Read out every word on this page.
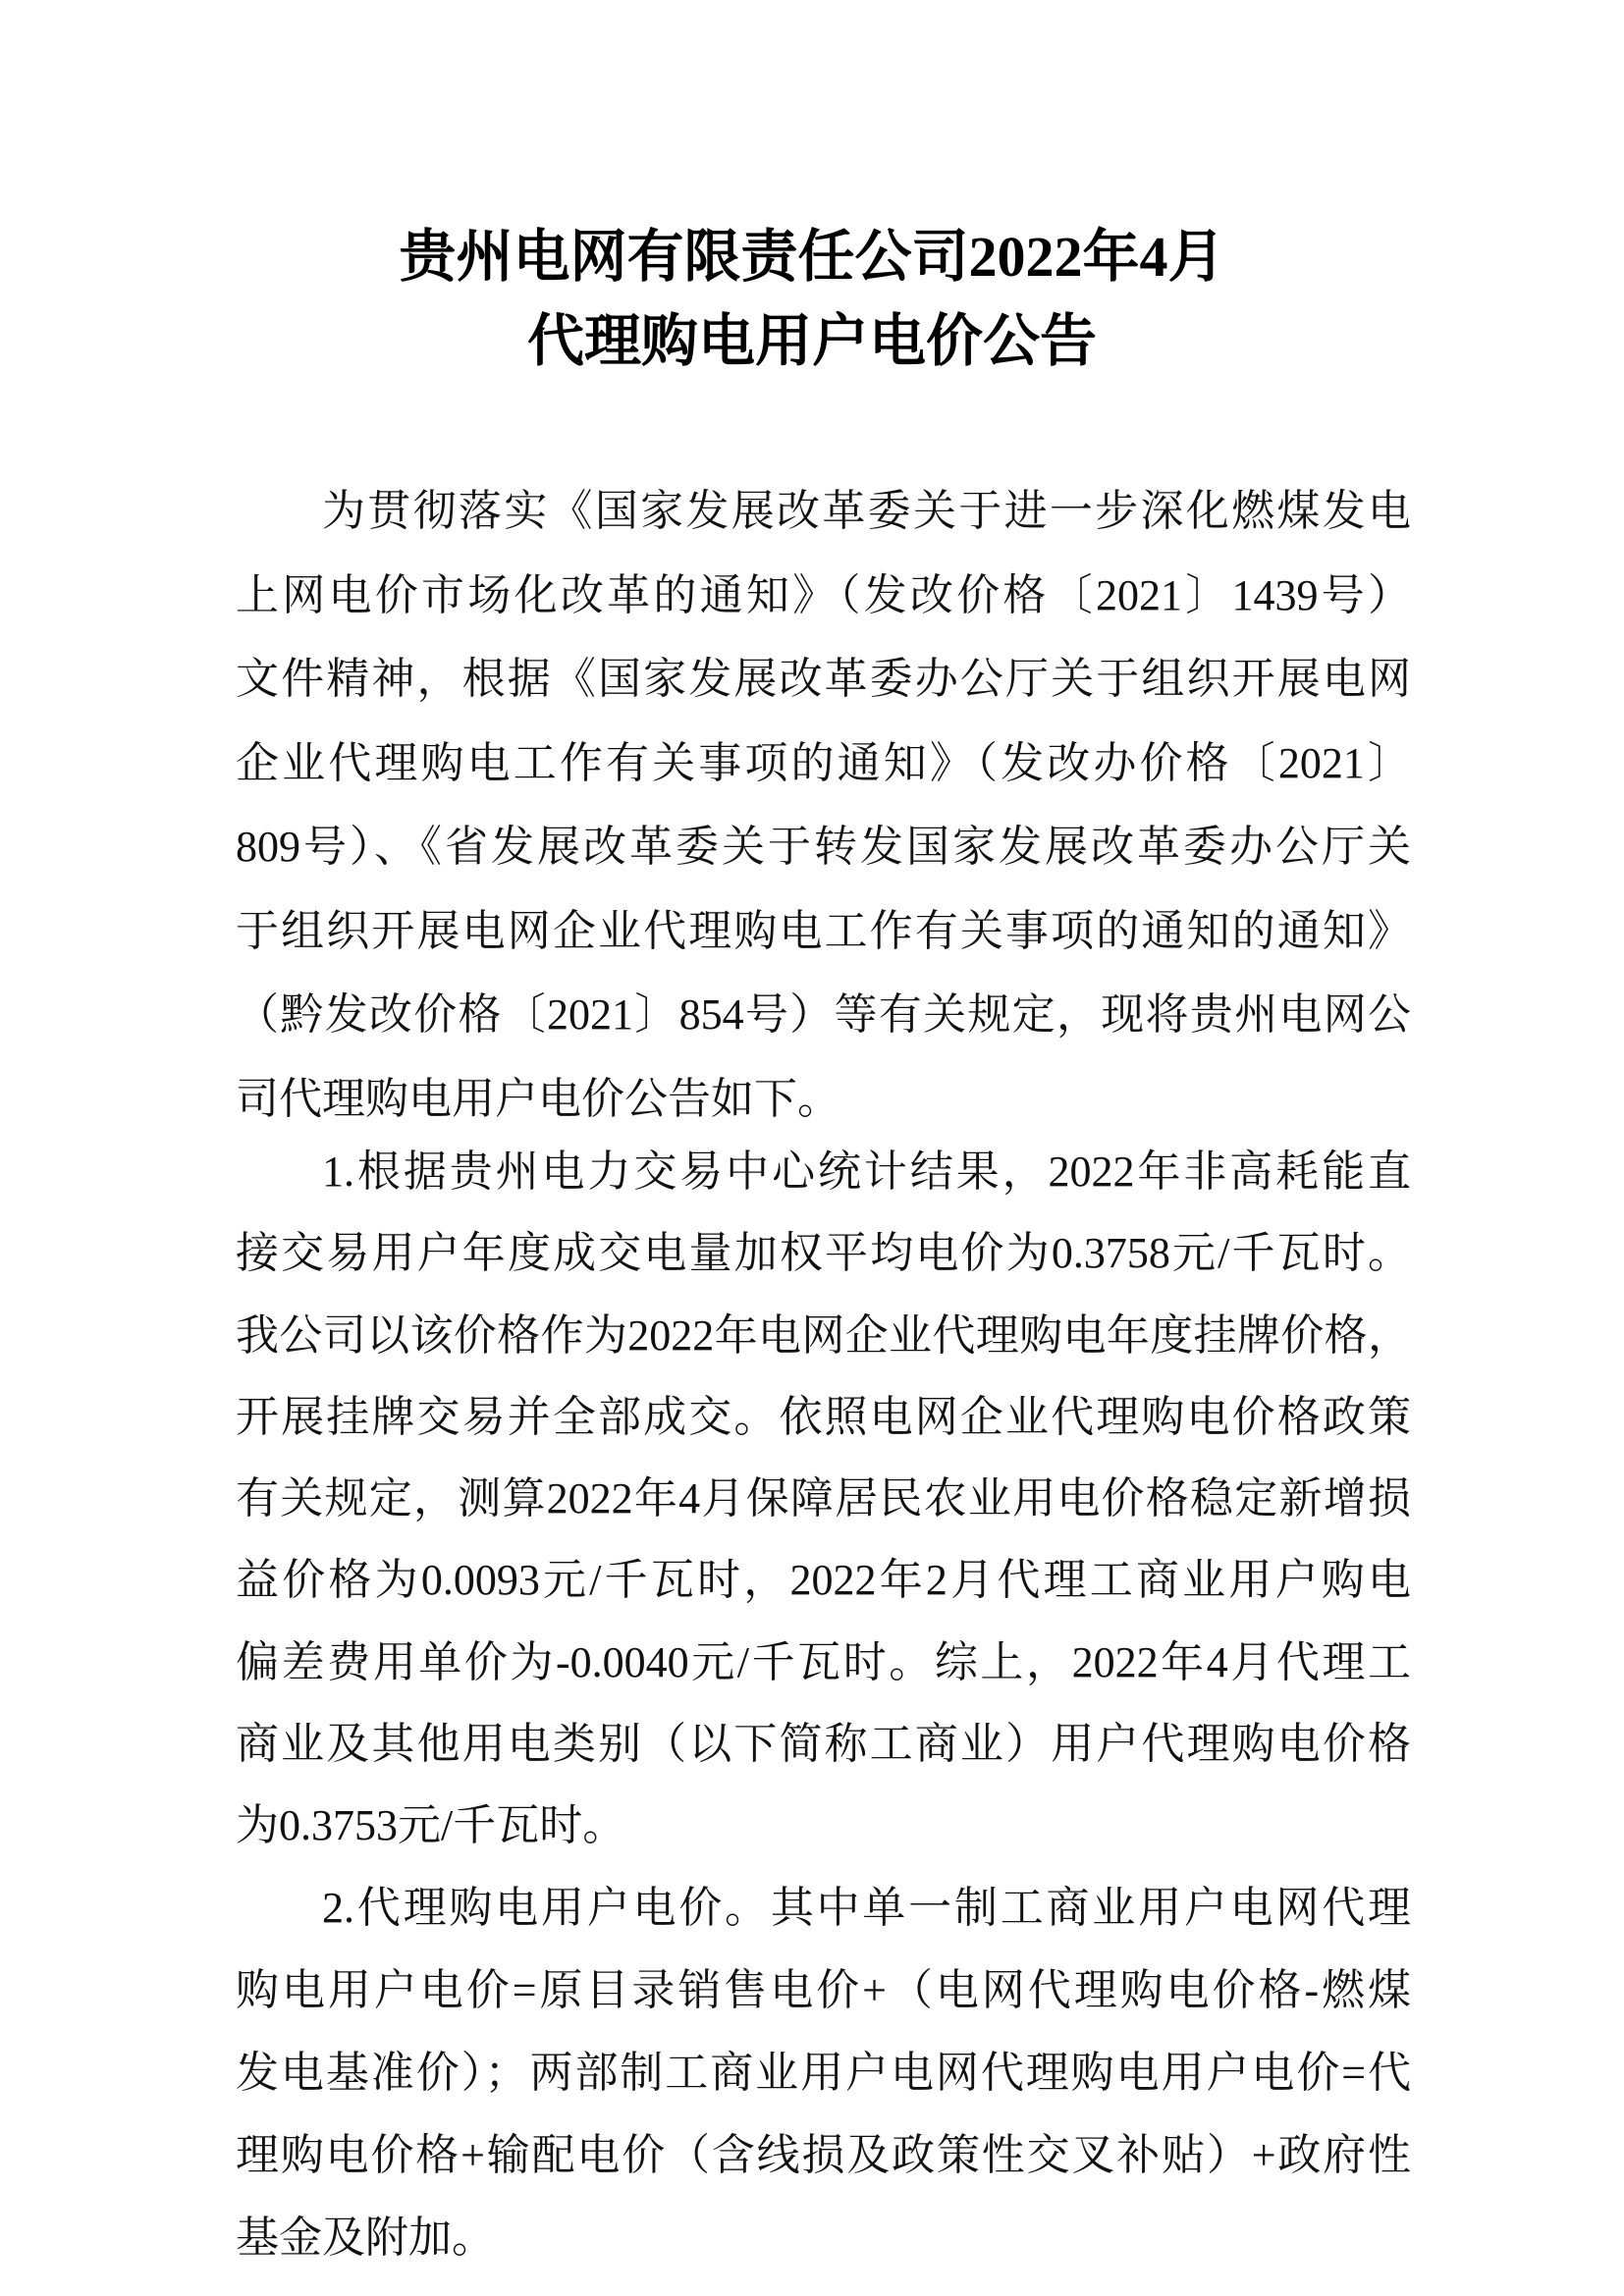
贵州电网有限责任公司2022年4月
代理购电用户电价公告
为贯彻落实《国家发展改革委关于进一步深化燃煤发电
上网电价市场化改革的通知》（发改价格〔2021〕1439号）
文件精神，根据《国家发展改革委办公厅关于组织开展电网
企业代理购电工作有关事项的通知》（发改办价格〔2021〕
809号）、《省发展改革委关于转发国家发展改革委办公厅关
于组织开展电网企业代理购电工作有关事项的通知的通知》
（黔发改价格〔2021〕854号）等有关规定，现将贵州电网公
司代理购电用户电价公告如下。
1.根据贵州电力交易中心统计结果，2022年非高耗能直
接交易用户年度成交电量加权平均电价为0.3758元/千瓦时。
我公司以该价格作为2022年电网企业代理购电年度挂牌价格，
开展挂牌交易并全部成交。依照电网企业代理购电价格政策
有关规定，测算2022年4月保障居民农业用电价格稳定新增损
益价格为0.0093元/千瓦时，2022年2月代理工商业用户购电
偏差费用单价为-0.0040元/千瓦时。综上，2022年4月代理工
商业及其他用电类别（以下简称工商业）用户代理购电价格
为0.3753元/千瓦时。
2.代理购电用户电价。其中单一制工商业用户电网代理
购电用户电价=原目录销售电价+（电网代理购电价格-燃煤
发电基准价）；两部制工商业用户电网代理购电用户电价=代
理购电价格+输配电价（含线损及政策性交叉补贴）+政府性
基金及附加。
